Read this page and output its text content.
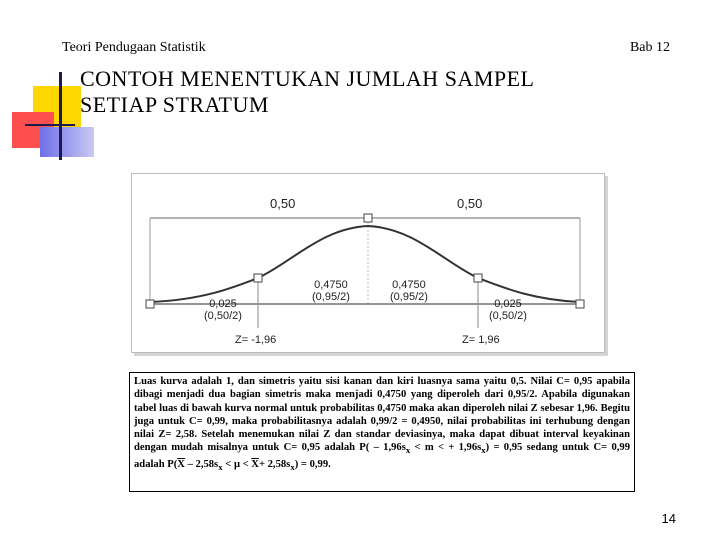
Teori Pendugaan Statistik	Bab 12
CONTOH MENENTUKAN JUMLAH SAMPEL
SETIAP STRATUM
0,50	0,50
0,4750
(0,95/2)
0,4750
(0,95/2)
0,025
(0,50/2)
0,025
(0,50/2)
Z= -1,96	Z= 1,96
Luas kurva adalah 1, dan simetris yaitu sisi kanan dan kiri luasnya sama yaitu 0,5. Nilai C= 0,95 apabila dibagi menjadi dua bagian simetris maka menjadi 0,4750 yang diperoleh dari 0,95/2. Apabila digunakan tabel luas di bawah kurva normal untuk probabilitas 0,4750 maka akan diperoleh nilai Z sebesar 1,96. Begitu juga untuk C= 0,99, maka probabilitasnya adalah 0,99/2 = 0,4950, nilai probabilitas ini terhubung dengan nilai Z= 2,58. Setelah menemukan nilai Z dan standar deviasinya, maka dapat dibuat interval keyakinan dengan mudah misalnya untuk C= 0,95 adalah $P( - 1,96s_x < m$ < + $1,96s_x) = 0,95$ sedang untuk C= 0,99 adalah $P(\overline{X} - 2,58s_x < \mu < \overline{X}+ 2,58s_x) = 0,99$.
14
